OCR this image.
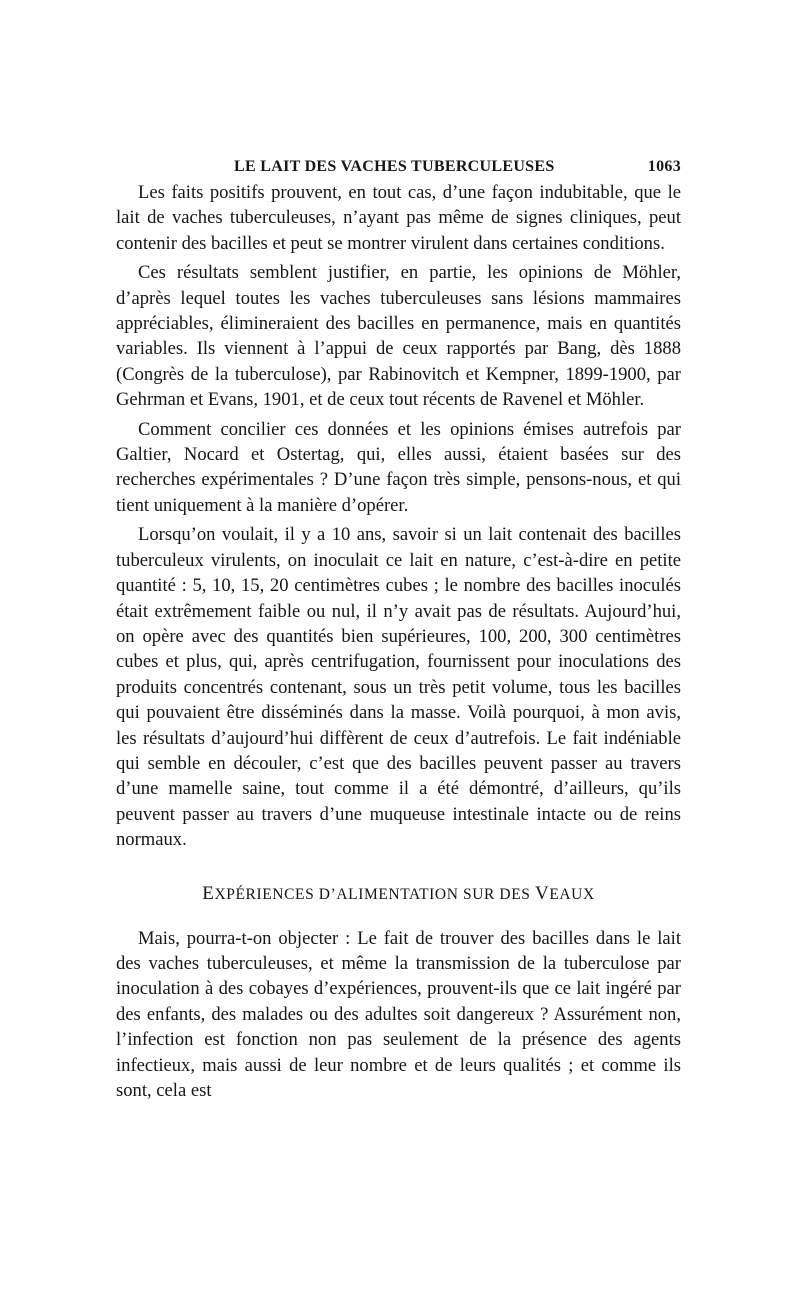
LE LAIT DES VACHES TUBERCULEUSES	1063

Les faits positifs prouvent, en tout cas, d’une façon indubitable, que le lait de vaches tuberculeuses, n’ayant pas même de signes cliniques, peut contenir des bacilles et peut se montrer virulent dans certaines conditions.

Ces résultats semblent justifier, en partie, les opinions de Möhler, d’après lequel toutes les vaches tuberculeuses sans lésions mammaires appréciables, élimineraient des bacilles en permanence, mais en quantités variables. Ils viennent à l’appui de ceux rapportés par Bang, dès 1888 (Congrès de la tuberculose), par Rabinovitch et Kempner, 1899-1900, par Gehrman et Evans, 1901, et de ceux tout récents de Ravenel et Möhler.

Comment concilier ces données et les opinions émises autrefois par Galtier, Nocard et Ostertag, qui, elles aussi, étaient basées sur des recherches expérimentales ? D’une façon très simple, pensons-nous, et qui tient uniquement à la manière d’opérer.

Lorsqu’on voulait, il y a 10 ans, savoir si un lait contenait des bacilles tuberculeux virulents, on inoculait ce lait en nature, c’est-à-dire en petite quantité : 5, 10, 15, 20 centimètres cubes ; le nombre des bacilles inoculés était extrêmement faible ou nul, il n’y avait pas de résultats. Aujourd’hui, on opère avec des quantités bien supérieures, 100, 200, 300 centimètres cubes et plus, qui, après centrifugation, fournissent pour inoculations des produits concentrés contenant, sous un très petit volume, tous les bacilles qui pouvaient être disséminés dans la masse. Voilà pourquoi, à mon avis, les résultats d’aujourd’hui diffèrent de ceux d’autrefois. Le fait indéniable qui semble en découler, c’est que des bacilles peuvent passer au travers d’une mamelle saine, tout comme il a été démontré, d’ailleurs, qu’ils peuvent passer au travers d’une muqueuse intestinale intacte ou de reins normaux.

EXPÉRIENCES D’ALIMENTATION SUR DES VEAUX

Mais, pourra-t-on objecter : Le fait de trouver des bacilles dans le lait des vaches tuberculeuses, et même la transmission de la tuberculose par inoculation à des cobayes d’expériences, prouvent-ils que ce lait ingéré par des enfants, des malades ou des adultes soit dangereux ? Assurément non, l’infection est fonction non pas seulement de la présence des agents infectieux, mais aussi de leur nombre et de leurs qualités ; et comme ils sont, cela est
